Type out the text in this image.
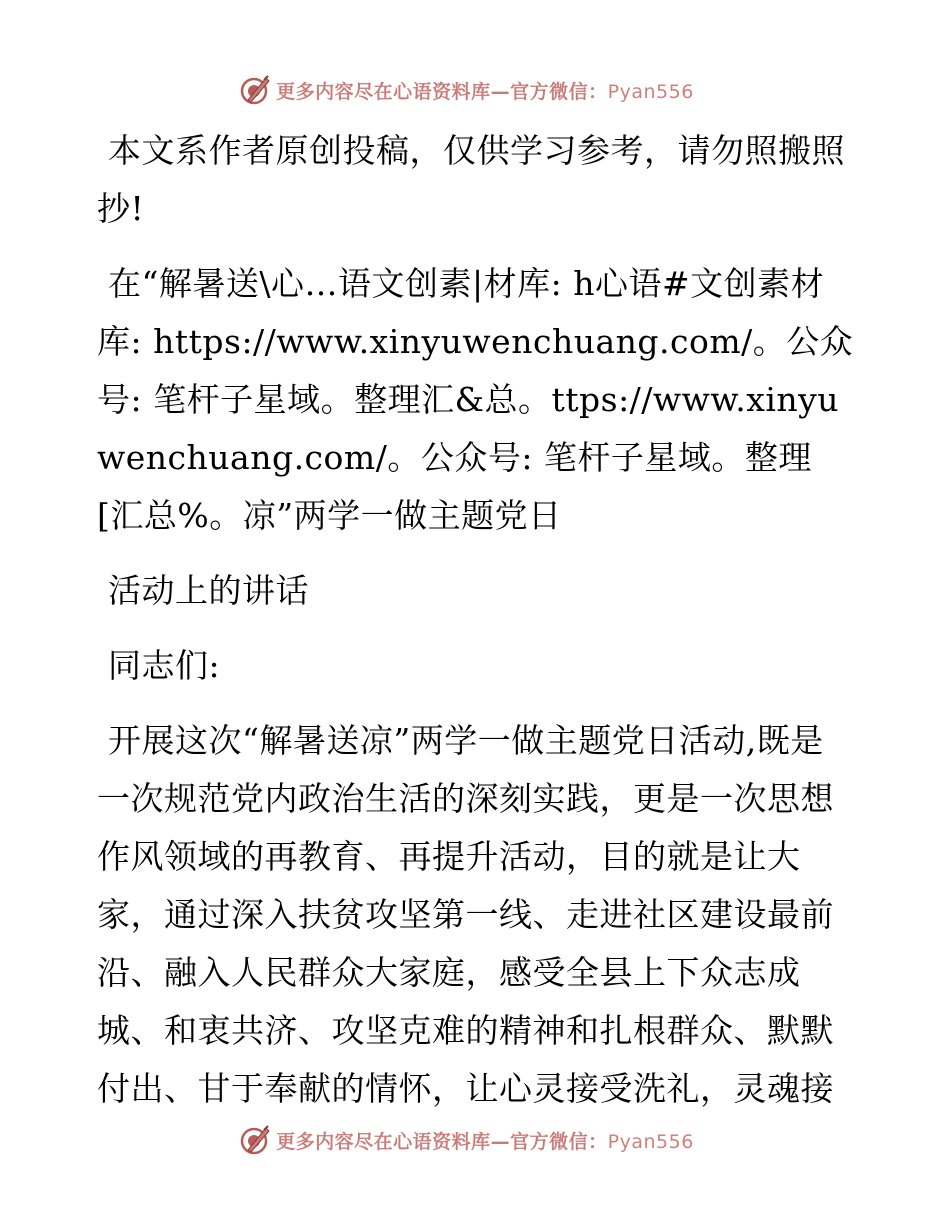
更多内容尽在心语资料库—官方微信：Pyan556

本文系作者原创投稿，仅供学习参考，请勿照搬照抄!

在“解暑送\心…语文创素|材库: h心语#文创素材库: https://www.xinyuwenchuang.com/。公众号: 笔杆子星域。整理汇&总。ttps://www.xinyuwenchuang.com/。公众号: 笔杆子星域。整理[汇总%。凉”两学一做主题党日

活动上的讲话

同志们:

开展这次“解暑送凉”两学一做主题党日活动,既是一次规范党内政治生活的深刻实践，更是一次思想作风领域的再教育、再提升活动，目的就是让大家，通过深入扶贫攻坚第一线、走进社区建设最前沿、融入人民群众大家庭，感受全县上下众志成城、和衷共济、攻坚克难的精神和扎根群众、默默付出、甘于奉献的情怀，让心灵接受洗礼，灵魂接

更多内容尽在心语资料库—官方微信：Pyan556
